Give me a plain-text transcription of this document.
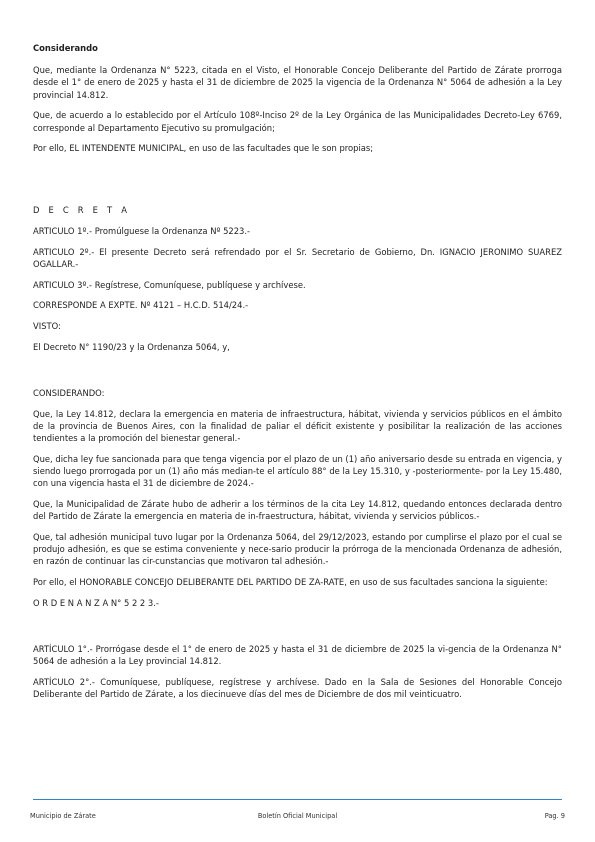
Considerando

Que, mediante la Ordenanza N° 5223, citada en el Visto, el Honorable Concejo Deliberante del Partido de Zárate prorroga desde el 1° de enero de 2025 y hasta el 31 de diciembre de 2025 la vigencia de la Ordenanza N° 5064 de adhesión a la Ley provincial 14.812.

Que, de acuerdo a lo establecido por el Artículo 108º-Inciso 2º de la Ley Orgánica de las Municipalidades Decreto-Ley 6769, corresponde al Departamento Ejecutivo su promulgación;

Por ello, EL INTENDENTE MUNICIPAL, en uso de las facultades que le son propias;

D E C R E T A

ARTICULO 1º.- Promúlguese la Ordenanza Nº 5223.-

ARTICULO 2º.- El presente Decreto será refrendado por el Sr. Secretario de Gobierno, Dn. IGNACIO JERONIMO SUAREZ OGALLAR.-

ARTICULO 3º.- Regístrese, Comuníquese, publíquese y archívese.

CORRESPONDE A EXPTE. Nº 4121 – H.C.D. 514/24.-

VISTO:

El Decreto N° 1190/23 y la Ordenanza 5064, y,

CONSIDERANDO:

Que, la Ley 14.812, declara la emergencia en materia de infraestructura, hábitat, vivienda y servicios públicos en el ámbito de la provincia de Buenos Aires, con la finalidad de paliar el déficit existente y posibilitar la realización de las acciones tendientes a la promoción del bienestar general.-

Que, dicha ley fue sancionada para que tenga vigencia por el plazo de un (1) año aniversario desde su entrada en vigencia, y siendo luego prorrogada por un (1) año más median-te el artículo 88° de la Ley 15.310, y -posteriormente- por la Ley 15.480, con una vigencia hasta el 31 de diciembre de 2024.-

Que, la Municipalidad de Zárate hubo de adherir a los términos de la cita Ley 14.812, quedando entonces declarada dentro del Partido de Zárate la emergencia en materia de in-fraestructura, hábitat, vivienda y servicios públicos.-

Que, tal adhesión municipal tuvo lugar por la Ordenanza 5064, del 29/12/2023, estando por cumplirse el plazo por el cual se produjo adhesión, es que se estima conveniente y nece-sario producir la prórroga de la mencionada Ordenanza de adhesión, en razón de continuar las cir-cunstancias que motivaron tal adhesión.-

Por ello, el HONORABLE CONCEJO DELIBERANTE DEL PARTIDO DE ZA-RATE, en uso de sus facultades sanciona la siguiente:

O R D E N A N Z A N° 5 2 2 3.-

ARTÍCULO 1°.- Prorrógase desde el 1° de enero de 2025 y hasta el 31 de diciembre de 2025 la vi-gencia de la Ordenanza N° 5064 de adhesión a la Ley provincial 14.812.

ARTÍCULO 2°.- Comuníquese, publíquese, regístrese y archívese. Dado en la Sala de Sesiones del Honorable Concejo Deliberante del Partido de Zárate, a los diecinueve días del mes de Diciembre de dos mil veinticuatro.

Municipio de Zárate	Boletín Oficial Municipal	Pag. 9
